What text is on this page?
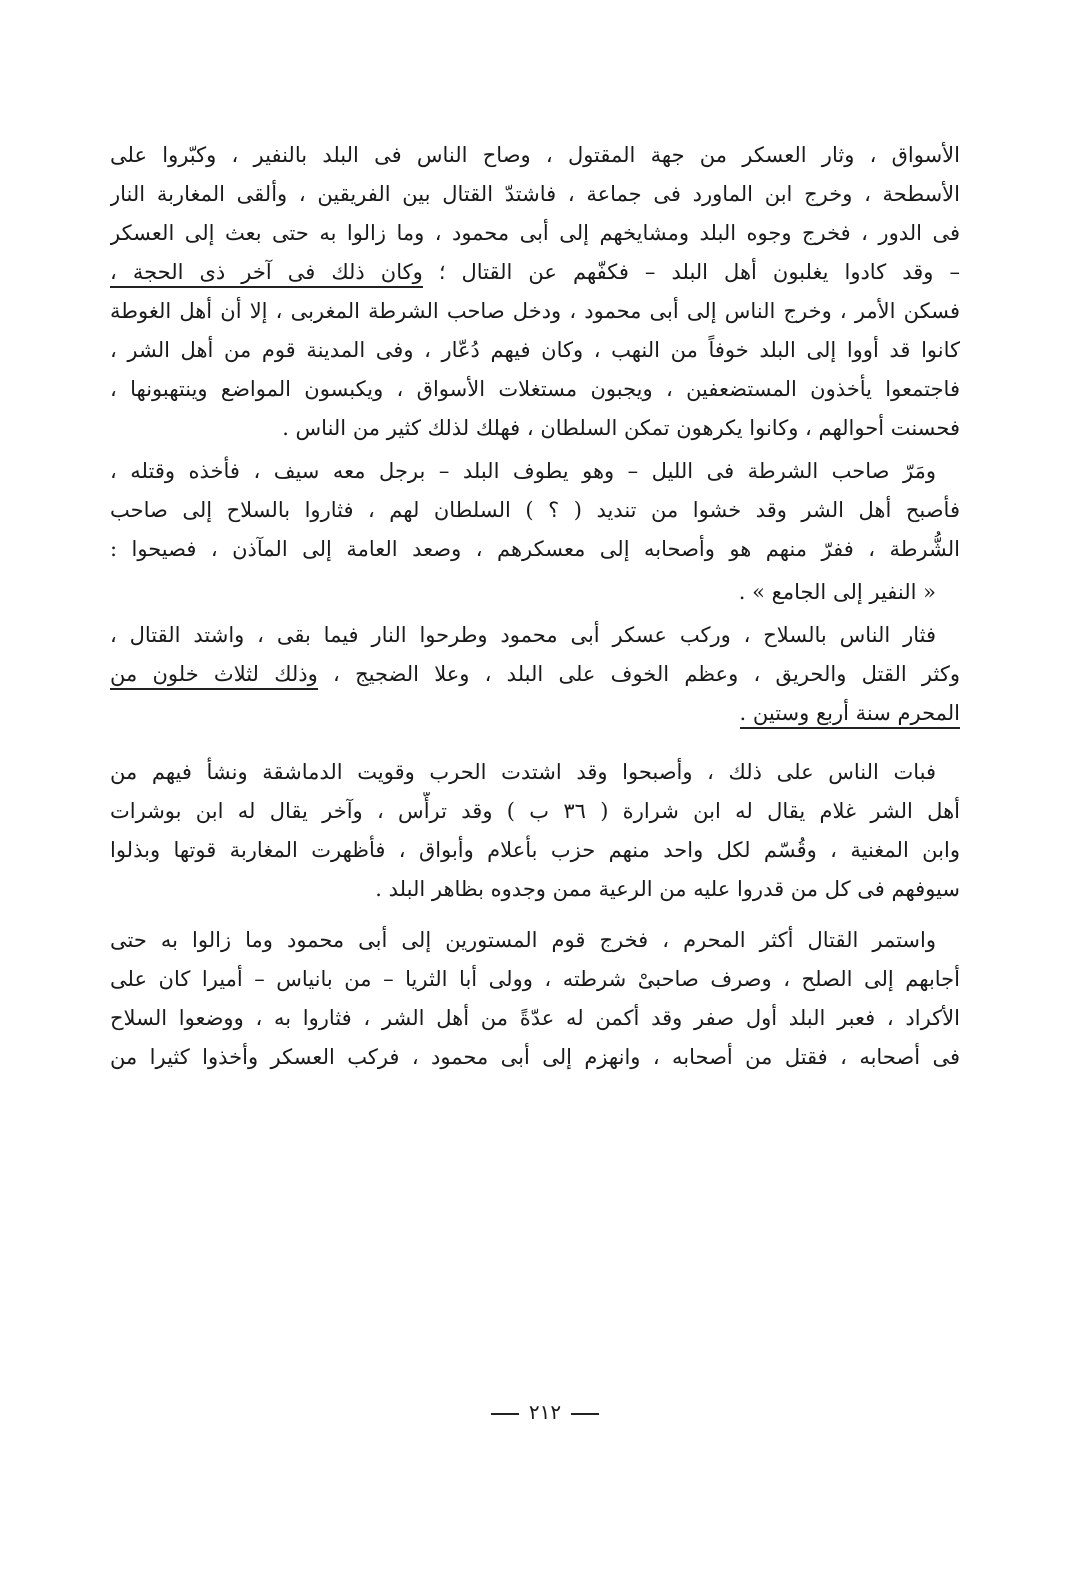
الأسواق ، وثار العسكر من جهة المقتول ، وصاح الناس فى البلد بالنفير ، وكبّروا على
الأسطحة ، وخرج ابن الماورد فى جماعة ، فاشتدّ القتال بين الفريقين ، وألقى المغاربة النار
فى الدور ، فخرج وجوه البلد ومشايخهم إلى أبى محمود ، وما زالوا به حتى بعث إلى العسكر
– وقد كادوا يغلبون أهل البلد – فكفّهم عن القتال ؛ وكان ذلك فى آخر ذى الحجة ،
فسكن الأمر ، وخرج الناس إلى أبى محمود ، ودخل صاحب الشرطة المغربى ، إلا أن أهل الغوطة
كانوا قد أووا إلى البلد خوفاً من النهب ، وكان فيهم دُعّار ، وفى المدينة قوم من أهل الشر ،
فاجتمعوا يأخذون المستضعفين ، ويجبون مستغلات الأسواق ، ويكبسون المواضع وينتهبونها ،
فحسنت أحوالهم ، وكانوا يكرهون تمكن السلطان ، فهلك لذلك كثير من الناس .
ومَرّ صاحب الشرطة فى الليل – وهو يطوف البلد – برجل معه سيف ، فأخذه وقتله ،
فأصبح أهل الشر وقد خشوا من تنديد ( ؟ ) السلطان لهم ، فثاروا بالسلاح إلى صاحب
الشُّرطة ، ففرّ منهم هو وأصحابه إلى معسكرهم ، وصعد العامة إلى المآذن ، فصيحوا :
« النفير إلى الجامع » .
فثار الناس بالسلاح ، وركب عسكر أبى محمود وطرحوا النار فيما بقى ، واشتد القتال ،
وكثر القتل والحريق ، وعظم الخوف على البلد ، وعلا الضجيج ، وذلك لثلاث خلون من
المحرم سنة أربع وستين .
فبات الناس على ذلك ، وأصبحوا وقد اشتدت الحرب وقويت الدماشقة ونشأ فيهم من
أهل الشر غلام يقال له ابن شرارة ( ٣٦ ب ) وقد ترأّس ، وآخر يقال له ابن بوشرات
وابن المغنية ، وقُسّم لكل واحد منهم حزب بأعلام وأبواق ، فأظهرت المغاربة قوتها وبذلوا
سيوفهم فى كل من قدروا عليه من الرعية ممن وجدوه بظاهر البلد .
واستمر القتال أكثر المحرم ، فخرج قوم المستورين إلى أبى محمود وما زالوا به حتى
أجابهم إلى الصلح ، وصرف صاحبىْ شرطته ، وولى أبا الثريا – من بانياس – أميرا كان على
الأكراد ، فعبر البلد أول صفر وقد أكمن له عدّةً من أهل الشر ، فثاروا به ، ووضعوا السلاح
فى أصحابه ، فقتل من أصحابه ، وانهزم إلى أبى محمود ، فركب العسكر وأخذوا كثيرا من
٢١٢
